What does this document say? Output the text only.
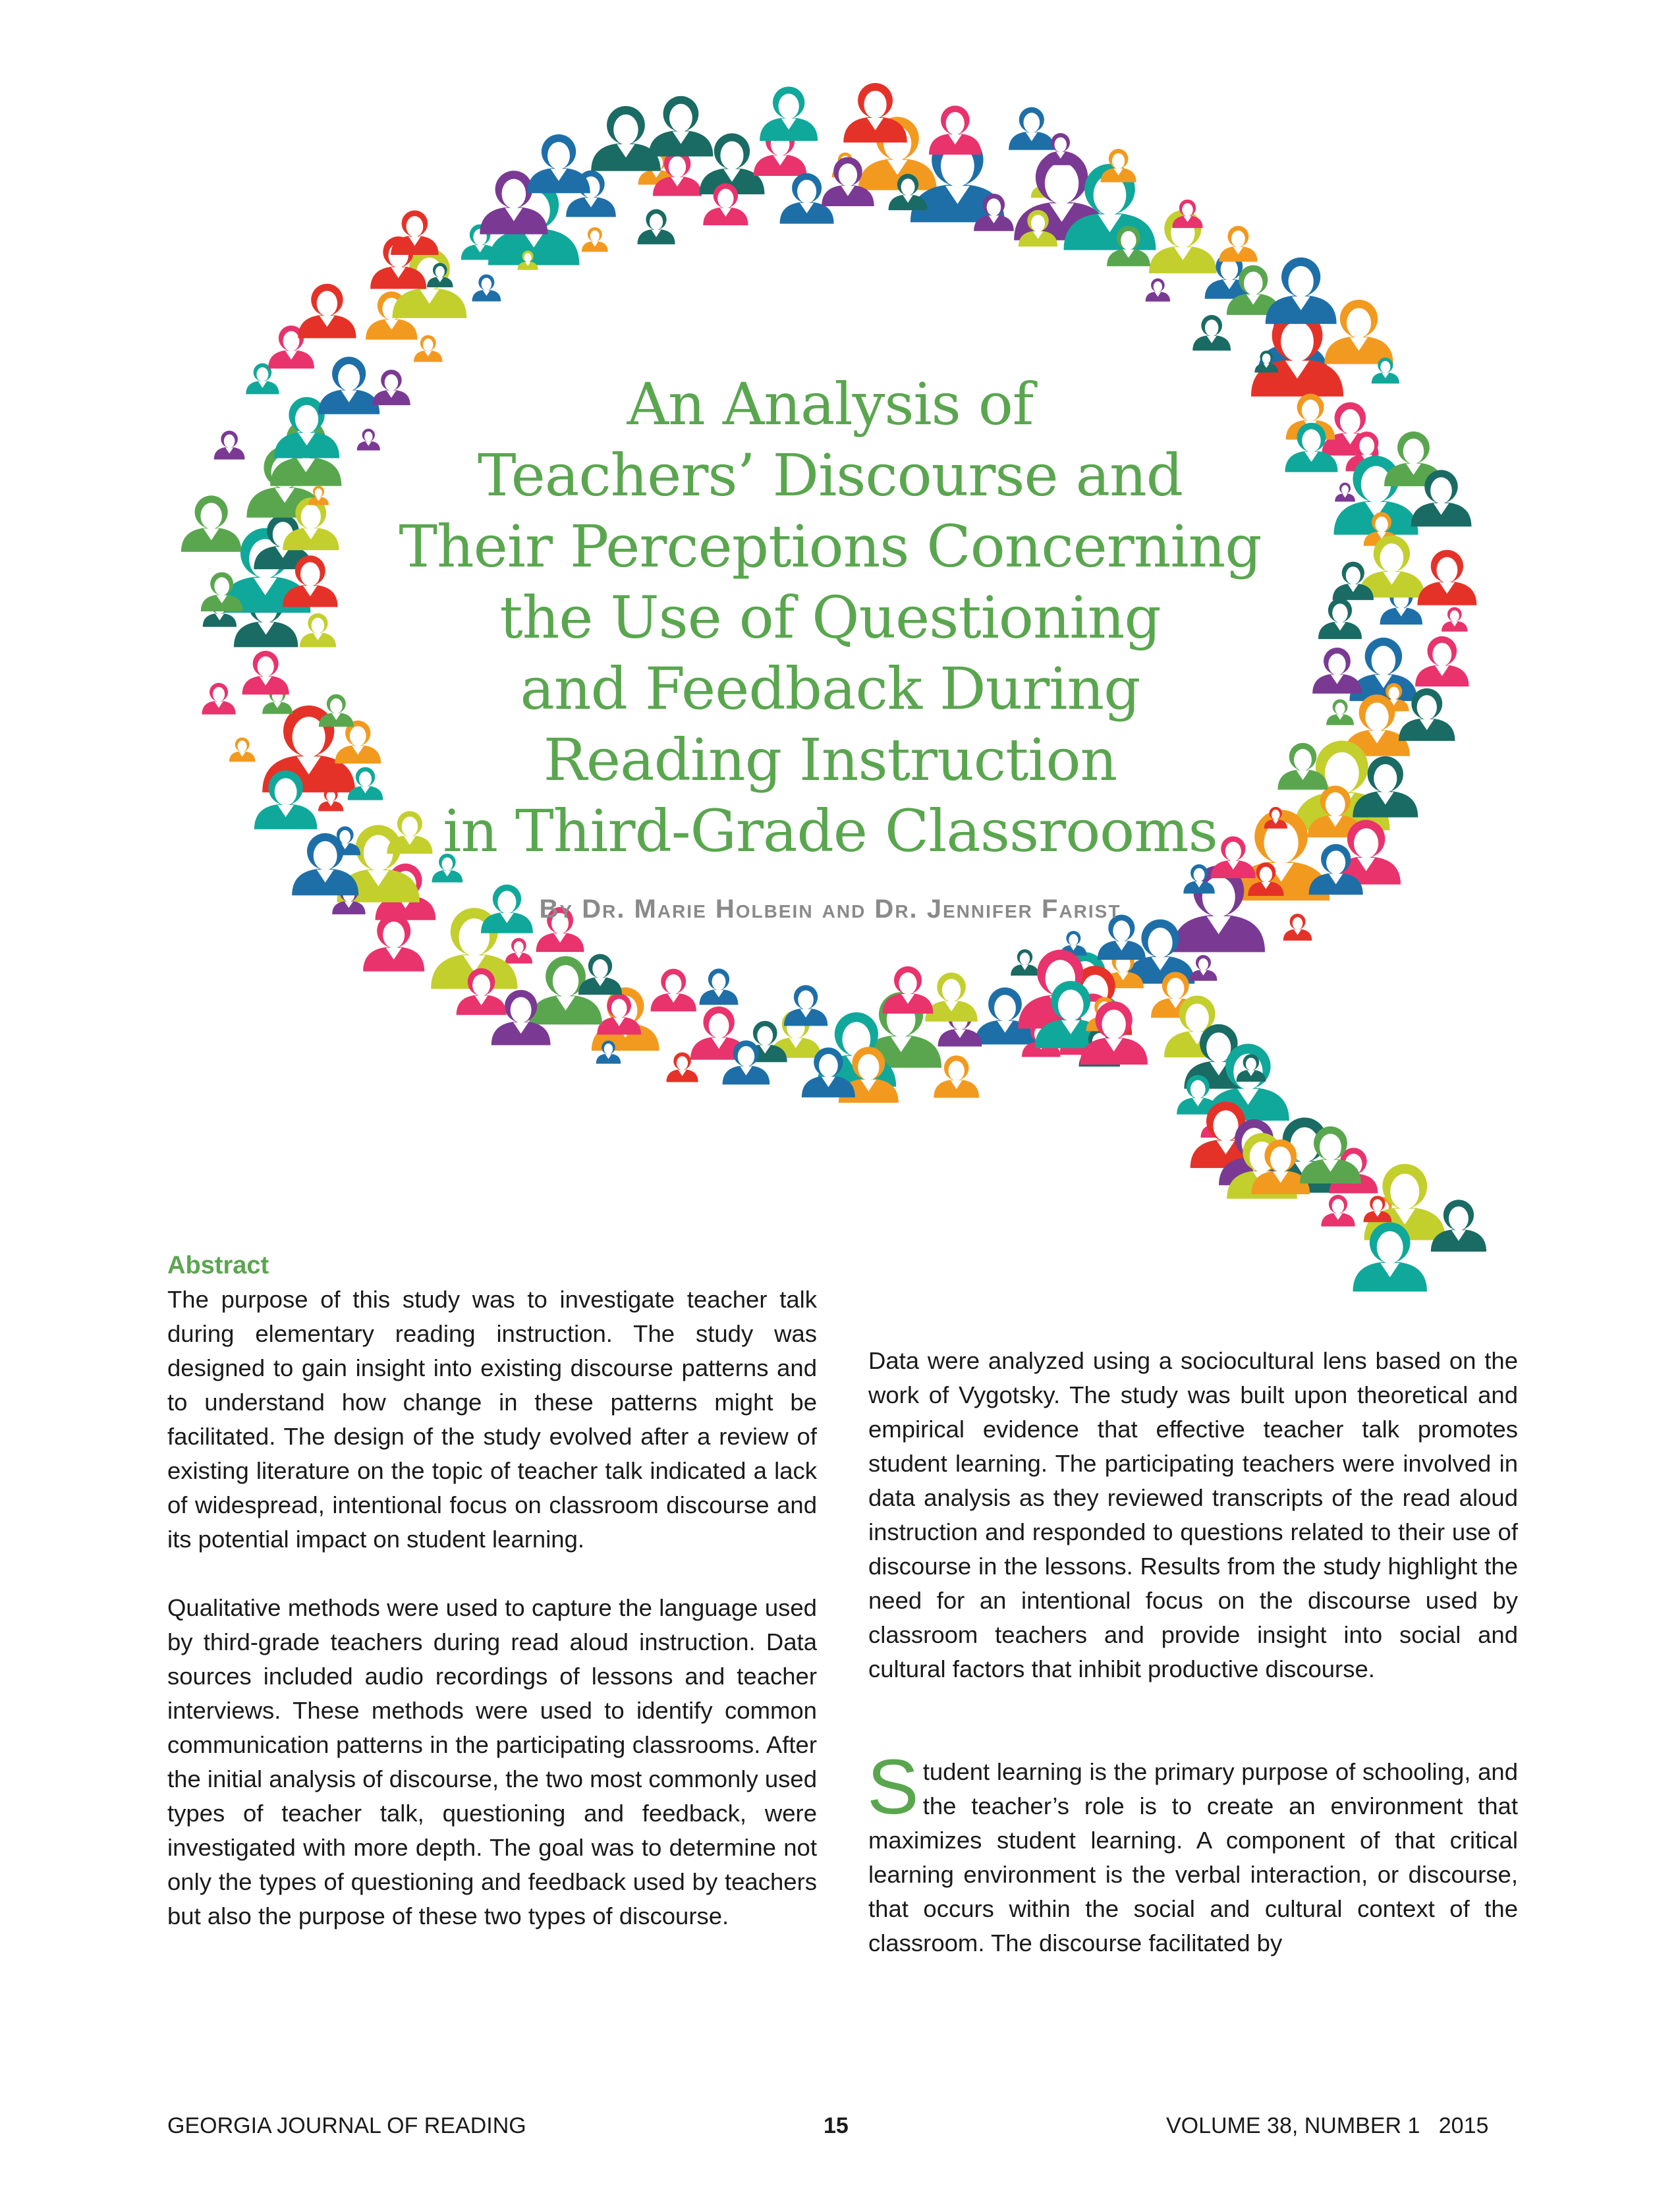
An Analysis of
Teachers’ Discourse and
Their Perceptions Concerning
the Use of Questioning
and Feedback During
Reading Instruction
in Third-Grade Classrooms
By Dr. Marie Holbein and Dr. Jennifer Farist
Abstract

The purpose of this study was to investigate teacher talk during elementary reading instruction. The study was designed to gain insight into existing discourse patterns and to understand how change in these patterns might be facilitated. The design of the study evolved after a review of existing literature on the topic of teacher talk indicated a lack of widespread, intentional focus on classroom discourse and its potential impact on student learning.

Qualitative methods were used to capture the language used by third-grade teachers during read aloud instruction. Data sources included audio recordings of lessons and teacher interviews. These methods were used to identify common communication patterns in the participating classrooms. After the initial analysis of discourse, the two most commonly used types of teacher talk, questioning and feedback, were investigated with more depth. The goal was to determine not only the types of questioning and feedback used by teachers but also the purpose of these two types of discourse.

Data were analyzed using a sociocultural lens based on the work of Vygotsky. The study was built upon theoretical and empirical evidence that effective teacher talk promotes student learning. The participating teachers were involved in data analysis as they reviewed transcripts of the read aloud instruction and responded to questions related to their use of discourse in the lessons. Results from the study highlight the need for an intentional focus on the discourse used by classroom teachers and provide insight into social and cultural factors that inhibit productive discourse.

Student learning is the primary purpose of schooling, and the teacher’s role is to create an environment that maximizes student learning. A component of that critical learning environment is the verbal interaction, or discourse, that occurs within the social and cultural context of the classroom. The discourse facilitated by

GEORGIA JOURNAL OF READING	15	VOLUME 38, NUMBER 1   2015
